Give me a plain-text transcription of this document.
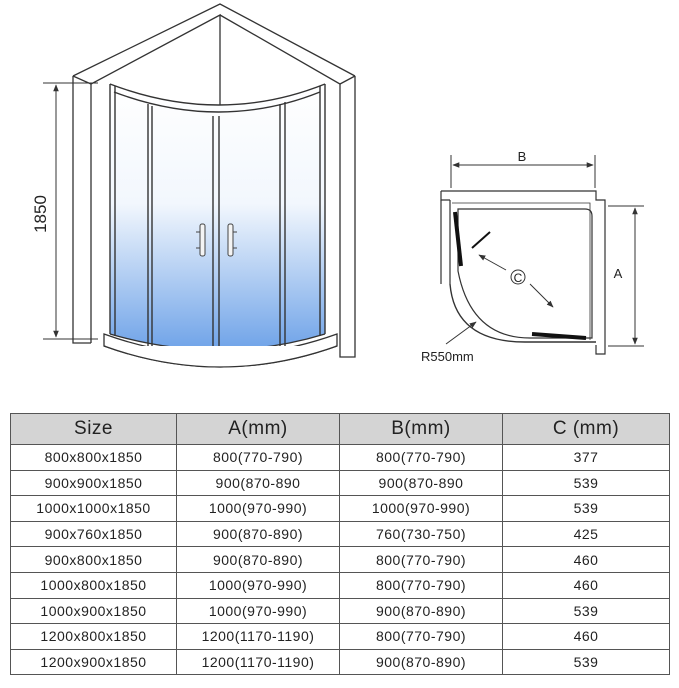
1850
C
B
A
R550mm
Size	A(mm)	B(mm)	C (mm)
800x800x1850	800(770-790)	800(770-790)	377
900x900x1850	900(870-890	900(870-890	539
1000x1000x1850	1000(970-990)	1000(970-990)	539
900x760x1850	900(870-890)	760(730-750)	425
900x800x1850	900(870-890)	800(770-790)	460
1000x800x1850	1000(970-990)	800(770-790)	460
1000x900x1850	1000(970-990)	900(870-890)	539
1200x800x1850	1200(1170-1190)	800(770-790)	460
1200x900x1850	1200(1170-1190)	900(870-890)	539
